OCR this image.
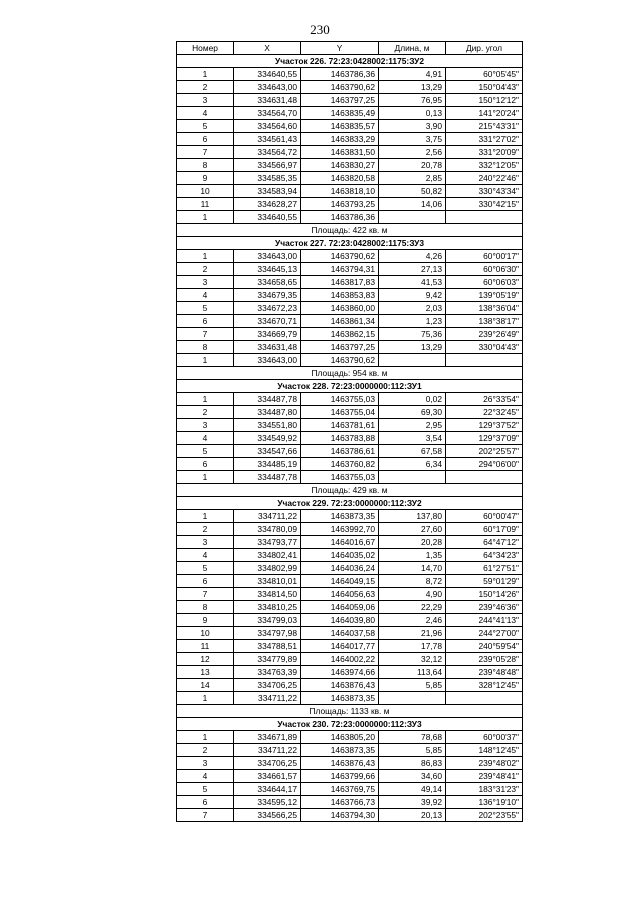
230
Номер	X	Y	Длина, м	Дир. угол
Участок 226. 72:23:0428002:1175:ЗУ2				
1	334640,55	1463786,36	4,91	60°05'45"
2	334643,00	1463790,62	13,29	150°04'43"
3	334631,48	1463797,25	76,95	150°12'12"
4	334564,70	1463835,49	0,13	141°20'24"
5	334564,60	1463835,57	3,90	215°43'31"
6	334561,43	1463833,29	3,75	331°27'02"
7	334564,72	1463831,50	2,56	331°20'09"
8	334566,97	1463830,27	20,78	332°12'05"
9	334585,35	1463820,58	2,85	240°22'46"
10	334583,94	1463818,10	50,82	330°43'34"
11	334628,27	1463793,25	14,06	330°42'15"
1	334640,55	1463786,36		
Площадь: 422 кв. м				
Участок 227. 72:23:0428002:1175:ЗУ3				
1	334643,00	1463790,62	4,26	60°00'17"
2	334645,13	1463794,31	27,13	60°06'30"
3	334658,65	1463817,83	41,53	60°06'03"
4	334679,35	1463853,83	9,42	139°05'19"
5	334672,23	1463860,00	2,03	138°36'04"
6	334670,71	1463861,34	1,23	138°38'17"
7	334669,79	1463862,15	75,36	239°26'49"
8	334631,48	1463797,25	13,29	330°04'43"
1	334643,00	1463790,62		
Площадь: 954 кв. м				
Участок 228. 72:23:0000000:112:ЗУ1				
1	334487,78	1463755,03	0,02	26°33'54"
2	334487,80	1463755,04	69,30	22°32'45"
3	334551,80	1463781,61	2,95	129°37'52"
4	334549,92	1463783,88	3,54	129°37'09"
5	334547,66	1463786,61	67,58	202°25'57"
6	334485,19	1463760,82	6,34	294°06'00"
1	334487,78	1463755,03		
Площадь: 429 кв. м				
Участок 229. 72:23:0000000:112:ЗУ2				
1	334711,22	1463873,35	137,80	60°00'47"
2	334780,09	1463992,70	27,60	60°17'09"
3	334793,77	1464016,67	20,28	64°47'12"
4	334802,41	1464035,02	1,35	64°34'23"
5	334802,99	1464036,24	14,70	61°27'51"
6	334810,01	1464049,15	8,72	59°01'29"
7	334814,50	1464056,63	4,90	150°14'26"
8	334810,25	1464059,06	22,29	239°46'36"
9	334799,03	1464039,80	2,46	244°41'13"
10	334797,98	1464037,58	21,96	244°27'00"
11	334788,51	1464017,77	17,78	240°59'54"
12	334779,89	1464002,22	32,12	239°05'28"
13	334763,39	1463974,66	113,64	239°48'48"
14	334706,25	1463876,43	5,85	328°12'45"
1	334711,22	1463873,35		
Площадь: 1133 кв. м				
Участок 230. 72:23:0000000:112:ЗУ3				
1	334671,89	1463805,20	78,68	60°00'37"
2	334711,22	1463873,35	5,85	148°12'45"
3	334706,25	1463876,43	86,83	239°48'02"
4	334661,57	1463799,66	34,60	239°48'41"
5	334644,17	1463769,75	49,14	183°31'23"
6	334595,12	1463766,73	39,92	136°19'10"
7	334566,25	1463794,30	20,13	202°23'55"
